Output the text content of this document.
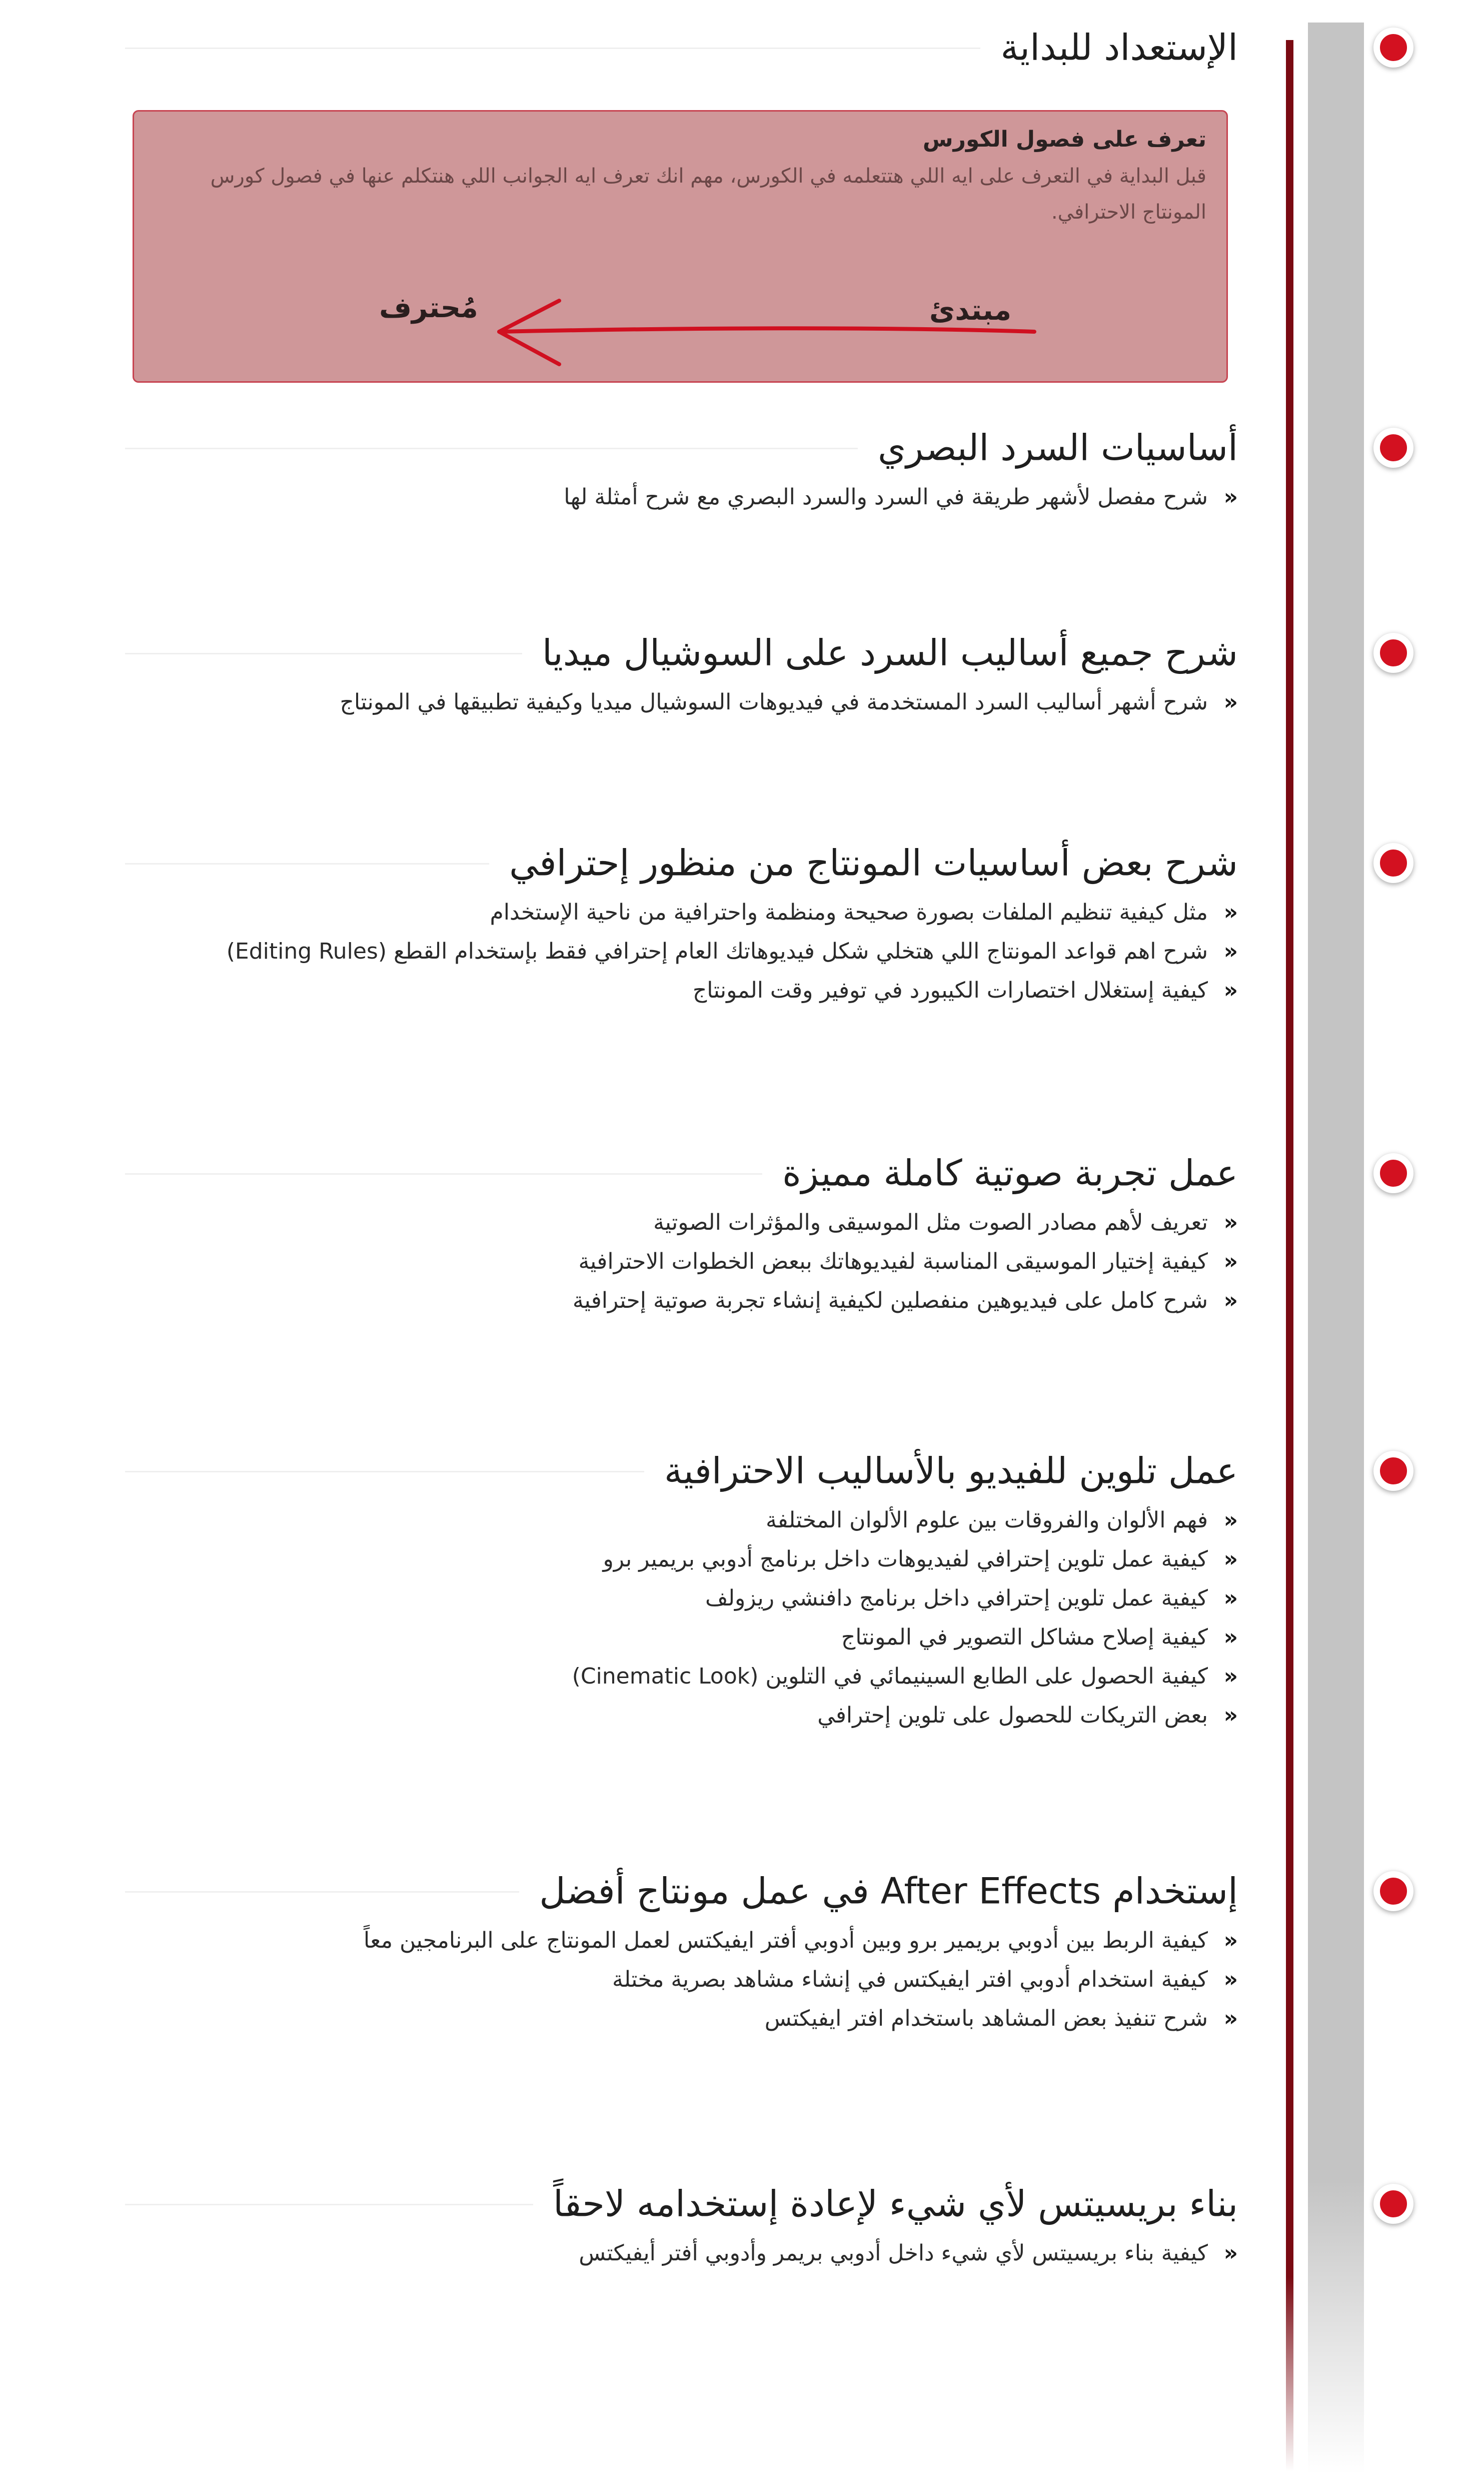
الإستعداد للبداية
تعرف على فصول الكورس
قبل البداية في التعرف على ايه اللي هتتعلمه في الكورس، مهم انك تعرف ايه الجوانب اللي هنتكلم عنها في فصول كورس المونتاج الاحترافي.
مبتدئ
مُحترف
أساسيات السرد البصري
«شرح مفصل لأشهر طريقة في السرد والسرد البصري مع شرح أمثلة لها
شرح جميع أساليب السرد على السوشيال ميديا
«شرح أشهر أساليب السرد المستخدمة في فيديوهات السوشيال ميديا وكيفية تطبيقها في المونتاج
شرح بعض أساسيات المونتاج من منظور إحترافي
«مثل كيفية تنظيم الملفات بصورة صحيحة ومنظمة واحترافية من ناحية الإستخدام
«شرح اهم قواعد المونتاج اللي هتخلي شكل فيديوهاتك العام إحترافي فقط بإستخدام القطع (Editing Rules)
«كيفية إستغلال اختصارات الكيبورد في توفير وقت المونتاج
عمل تجربة صوتية كاملة مميزة
«تعريف لأهم مصادر الصوت مثل الموسيقى والمؤثرات الصوتية
«كيفية إختيار الموسيقى المناسبة لفيديوهاتك ببعض الخطوات الاحترافية
«شرح كامل على فيديوهين منفصلين لكيفية إنشاء تجربة صوتية إحترافية
عمل تلوين للفيديو بالأساليب الاحترافية
«فهم الألوان والفروقات بين علوم الألوان المختلفة
«كيفية عمل تلوين إحترافي لفيديوهات داخل برنامج أدوبي بريمير برو
«كيفية عمل تلوين إحترافي داخل برنامج دافنشي ريزولف
«كيفية إصلاح مشاكل التصوير في المونتاج
«كيفية الحصول على الطابع السينيمائي في التلوين (Cinematic Look)
«بعض التريكات للحصول على تلوين إحترافي
إستخدام After Effects في عمل مونتاج أفضل
«كيفية الربط بين أدوبي بريمير برو وبين أدوبي أفتر ايفيكتس لعمل المونتاج على البرنامجين معاً
«كيفية استخدام أدوبي افتر ايفيكتس في إنشاء مشاهد بصرية مختلة
«شرح تنفيذ بعض المشاهد باستخدام افتر ايفيكتس
بناء بريسيتس لأي شيء لإعادة إستخدامه لاحقاً
«كيفية بناء بريسيتس لأي شيء داخل أدوبي بريمر وأدوبي أفتر أيفيكتس
